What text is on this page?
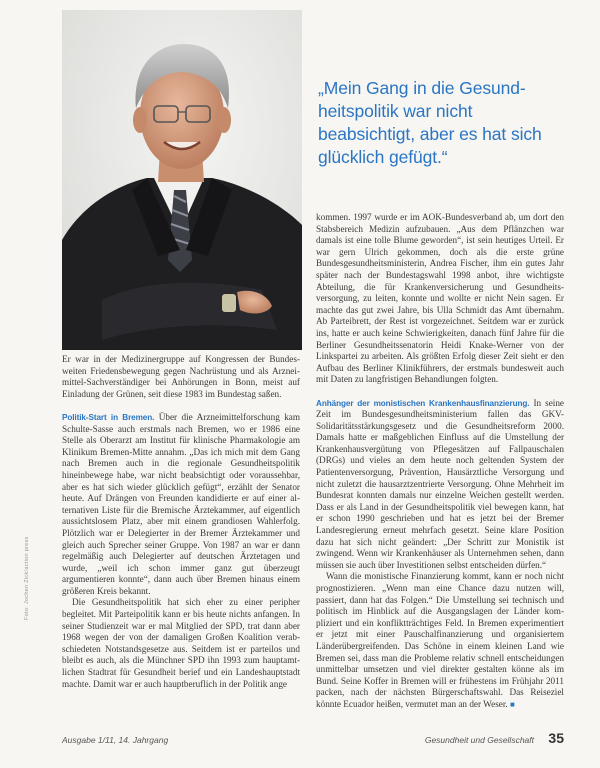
„Mein Gang in die Gesundheitspolitik war nicht beabsichtigt, aber es hat sich glücklich gefügt.“

Er war in der Medizinergruppe auf Kongressen der Bundesweiten Friedensbewegung gegen Nachrüstung und als Arzneimittel-Sachverständiger bei Anhörungen in Bonn, meist auf Einladung der Grünen, seit diese 1983 im Bundestag saßen.

Politik-Start in Bremen. Über die Arzneimittelforschung kam Schulte-Sasse auch erstmals nach Bremen, wo er 1986 eine Stelle als Oberarzt am Institut für klinische Pharmakologie am Klinikum Bremen-Mitte annahm. „Das ich mich mit dem Gang nach Bremen auch in die regionale Gesundheitspolitik hineinbewege habe, war nicht beabsichtigt oder voraussehbar, aber es hat sich wieder glücklich gefügt“, erzählt der Senator heute. Auf Drängen von Freunden kandidierte er auf einer alternativen Liste für die Bremische Ärztekammer, auf eigentlich aussichtslosem Platz, aber mit einem grandiosen Wahlerfolg. Plötzlich war er Delegierter in der Bremer Ärztekammer und gleich auch Sprecher seiner Gruppe. Von 1987 an war er dann regelmäßig auch Delegierter auf deutschen Ärztetagen und wurde, „weil ich schon immer ganz gut überzeugt argumentieren konnte“, dann auch über Bremen hinaus einem größeren Kreis bekannt.

Die Gesundheitspolitik hat sich eher zu einer peripher begleitet. Mit Parteipolitik kann er bis heute nichts anfangen. In seiner Studienzeit war er mal Mitglied der SPD, trat dann aber 1968 wegen der von der damaligen Großen Koalition verabschiedeten Notstandsgesetze aus. Seitdem ist er parteilos und bleibt es auch, als die Münchner SPD ihn 1993 zum hauptamtlichen Stadtrat für Gesundheit berief und ein Landeshauptstadt machte. Damit war er auch hauptberuflich in der Politik ange

kommen. 1997 wurde er im AOK-Bundesverband ab, um dort den Stabsbereich Medizin aufzubauen. „Aus dem Pflänzchen war damals ist eine tolle Blume geworden“, ist sein heutiges Urteil. Er war gern Ulrich gekommen, doch als die erste grüne Bundesgesundheitsministerin, Andrea Fischer, ihm ein gutes Jahr später nach der Bundestagswahl 1998 anbot, ihre wichtigste Abteilung, die für Krankenversicherung und Gesundheitsversorgung, zu leiten, konnte und wollte er nicht Nein sagen. Er machte das gut zwei Jahre, bis Ulla Schmidt das Amt übernahm. Ab Parteibrett, der Rest ist vorgezeichnet. Seitdem war er zurück ins, hatte er auch keine Schwierigkeiten, danach fünf Jahre für die Berliner Gesundheitssenatorin Heidi Knake-Werner von der Linkspartei zu arbeiten. Als größten Erfolg dieser Zeit sieht er den Aufbau des Berliner Klinikführers, der erstmals bundesweit auch mit Daten zu langfristigen Behandlungen folgten.

Anhänger der monistischen Krankenhausfinanzierung. In seine Zeit im Bundesgesundheitsministerium fallen das GKV-Solidaritätsstärkungsgesetz und die Gesundheitsreform 2000. Damals hatte er maßgeblichen Einfluss auf die Umstellung der Krankenhausvergütung von Pflegesätzen auf Fallpauschalen (DRGs) und vieles an dem heute noch geltenden System der Patientenversorgung, Prävention, Hausärztliche Versorgung und nicht zuletzt die hausarztzentrierte Versorgung. Ohne Mehrheit im Bundesrat konnten damals nur einzelne Weichen gestellt werden. Dass er als Land in der Gesundheitspolitik viel bewegen kann, hat er schon 1990 geschrieben und hat es jetzt bei der Bremer Landesregierung erneut mehrfach gesetzt. Seine klare Position dazu hat sich nicht geändert: „Der Schritt zur Monistik ist zwingend. Wenn wir Krankenhäuser als Unternehmen sehen, dann müssen sie auch über Investitionen selbst entscheiden dürfen.“

Wann die monistische Finanzierung kommt, kann er noch nicht prognostizieren. „Wenn man eine Chance dazu nutzen will, passiert, dann hat das Folgen.“ Die Umstellung sei technisch und politisch im Hinblick auf die Ausgangslagen der Länder kompliziert und ein konfliktträchtiges Feld. In Bremen experimentiert er jetzt mit einer Pauschalfinanzierung und organisiertem Länderübergreifenden. Das Schöne in einem kleinen Land wie Bremen sei, dass man die Probleme relativ schnell entscheidungen unmittelbar umsetzen und viel direkter gestalten könne als im Bund. Seine Koffer in Bremen will er frühestens im Frühjahr 2011 packen, nach der nächsten Bürgerschaftswahl. Das Reiseziel könnte Ecuador heißen, vermutet man an der Weser. ■

Foto: Jochen Zick/action press
Ausgabe 1/11, 14. Jahrgang	Gesundheit und Gesellschaft 35
